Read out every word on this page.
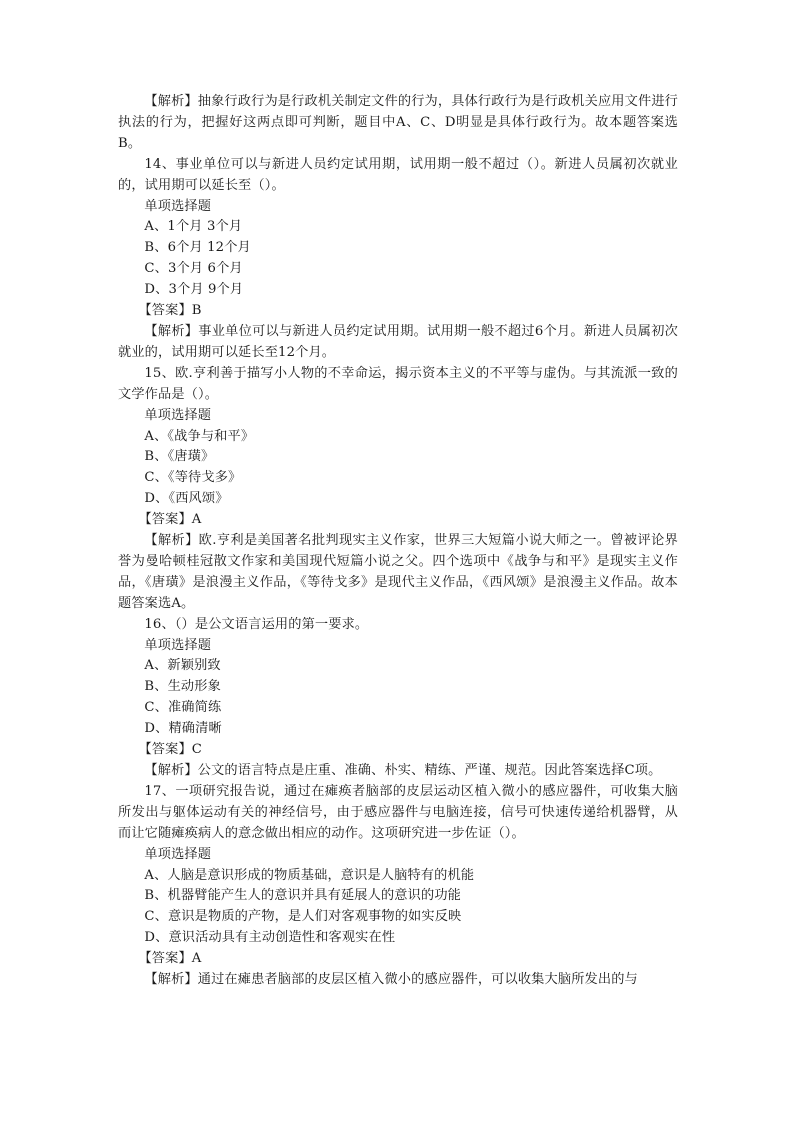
【解析】抽象行政行为是行政机关制定文件的行为，具体行政行为是行政机关应用文件进行执法的行为，把握好这两点即可判断，题目中A、C、D明显是具体行政行为。故本题答案选B。

14、事业单位可以与新进人员约定试用期，试用期一般不超过（）。新进人员属初次就业的，试用期可以延长至（）。

单项选择题

A、1个月 3个月

B、6个月 12个月

C、3个月 6个月

D、3个月 9个月

【答案】B

【解析】事业单位可以与新进人员约定试用期。试用期一般不超过6个月。新进人员属初次就业的，试用期可以延长至12个月。

15、欧.亨利善于描写小人物的不幸命运，揭示资本主义的不平等与虚伪。与其流派一致的文学作品是（）。

单项选择题

A、《战争与和平》

B、《唐璜》

C、《等待戈多》

D、《西风颂》

【答案】A

【解析】欧.亨利是美国著名批判现实主义作家，世界三大短篇小说大师之一。曾被评论界誉为曼哈顿桂冠散文作家和美国现代短篇小说之父。四个选项中《战争与和平》是现实主义作品，《唐璜》是浪漫主义作品，《等待戈多》是现代主义作品，《西风颂》是浪漫主义作品。故本题答案选A。

16、（）是公文语言运用的第一要求。

单项选择题

A、新颖别致

B、生动形象

C、准确简练

D、精确清晰

【答案】C

【解析】公文的语言特点是庄重、准确、朴实、精练、严谨、规范。因此答案选择C项。

17、一项研究报告说，通过在瘫痪者脑部的皮层运动区植入微小的感应器件，可收集大脑所发出与躯体运动有关的神经信号，由于感应器件与电脑连接，信号可快速传递给机器臂，从而让它随瘫痪病人的意念做出相应的动作。这项研究进一步佐证（）。

单项选择题

A、人脑是意识形成的物质基础，意识是人脑特有的机能

B、机器臂能产生人的意识并具有延展人的意识的功能

C、意识是物质的产物，是人们对客观事物的如实反映

D、意识活动具有主动创造性和客观实在性

【答案】A

【解析】通过在瘫患者脑部的皮层区植入微小的感应器件，可以收集大脑所发出的与
